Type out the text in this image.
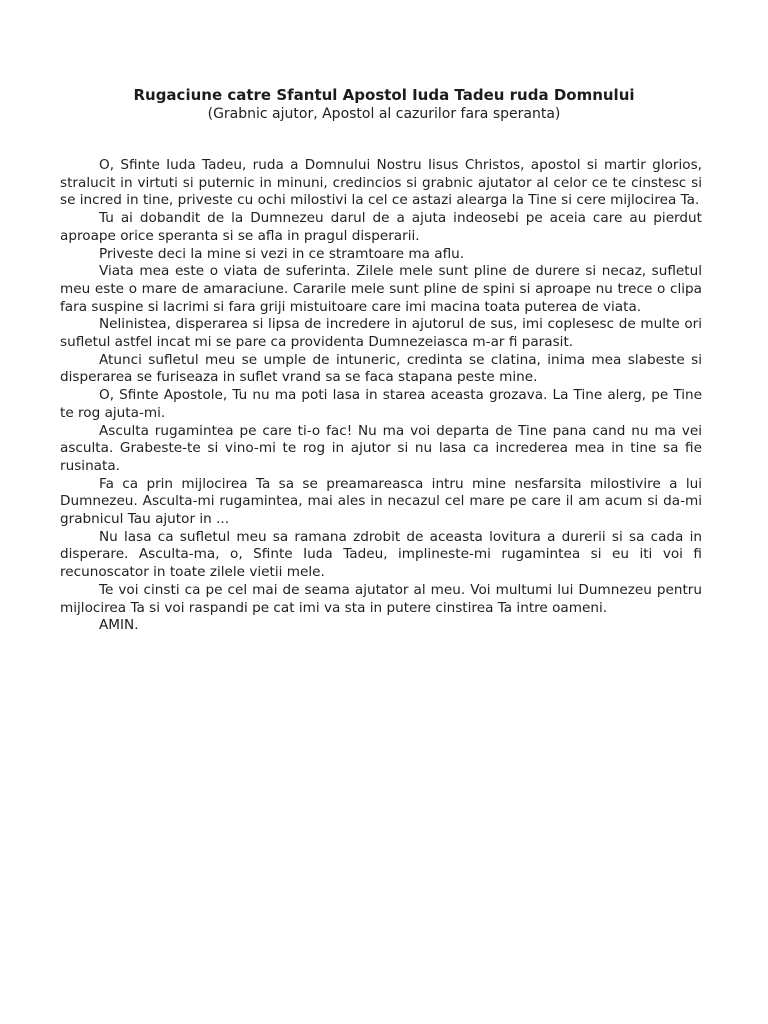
Rugaciune catre Sfantul Apostol Iuda Tadeu ruda Domnului
(Grabnic ajutor, Apostol al cazurilor fara speranta)

O, Sfinte Iuda Tadeu, ruda a Domnului Nostru Iisus Christos, apostol si martir glorios, stralucit in virtuti si puternic in minuni, credincios si grabnic ajutator al celor ce te cinstesc si se incred in tine, priveste cu ochi milostivi la cel ce astazi alearga la Tine si cere mijlocirea Ta.

Tu ai dobandit de la Dumnezeu darul de a ajuta indeosebi pe aceia care au pierdut aproape orice speranta si se afla in pragul disperarii.

Priveste deci la mine si vezi in ce stramtoare ma aflu.

Viata mea este o viata de suferinta. Zilele mele sunt pline de durere si necaz, sufletul meu este o mare de amaraciune. Cararile mele sunt pline de spini si aproape nu trece o clipa fara suspine si lacrimi si fara griji mistuitoare care imi macina toata puterea de viata.

Nelinistea, disperarea si lipsa de incredere in ajutorul de sus, imi coplesesc de multe ori sufletul astfel incat mi se pare ca providenta Dumnezeiasca m-ar fi parasit.

Atunci sufletul meu se umple de intuneric, credinta se clatina, inima mea slabeste si disperarea se furiseaza in suflet vrand sa se faca stapana peste mine.

O, Sfinte Apostole, Tu nu ma poti lasa in starea aceasta grozava. La Tine alerg, pe Tine te rog ajuta-mi.

Asculta rugamintea pe care ti-o fac! Nu ma voi departa de Tine pana cand nu ma vei asculta. Grabeste-te si vino-mi te rog in ajutor si nu lasa ca increderea mea in tine sa fie rusinata.

Fa ca prin mijlocirea Ta sa se preamareasca intru mine nesfarsita milostivire a lui Dumnezeu. Asculta-mi rugamintea, mai ales in necazul cel mare pe care il am acum si da-mi grabnicul Tau ajutor in ...

Nu lasa ca sufletul meu sa ramana zdrobit de aceasta lovitura a durerii si sa cada in disperare. Asculta-ma, o, Sfinte Iuda Tadeu, implineste-mi rugamintea si eu iti voi fi recunoscator in toate zilele vietii mele.

Te voi cinsti ca pe cel mai de seama ajutator al meu. Voi multumi lui Dumnezeu pentru mijlocirea Ta si voi raspandi pe cat imi va sta in putere cinstirea Ta intre oameni.

AMIN.
